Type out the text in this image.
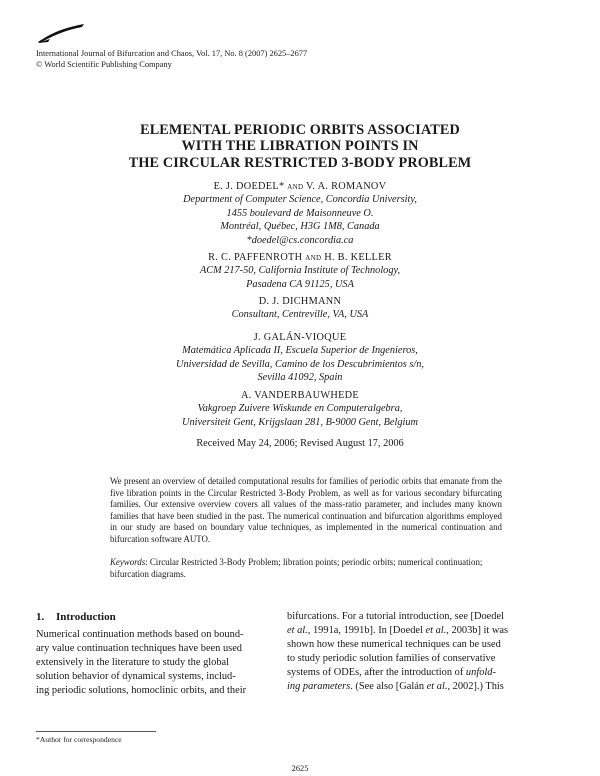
International Journal of Bifurcation and Chaos, Vol. 17, No. 8 (2007) 2625–2677
© World Scientific Publishing Company
ELEMENTAL PERIODIC ORBITS ASSOCIATED
WITH THE LIBRATION POINTS IN
THE CIRCULAR RESTRICTED 3-BODY PROBLEM
E. J. DOEDEL* and V. A. ROMANOV
Department of Computer Science, Concordia University,
1455 boulevard de Maisonneuve O.
Montréal, Québec, H3G 1M8, Canada
*doedel@cs.concordia.ca
R. C. PAFFENROTH and H. B. KELLER
ACM 217-50, California Institute of Technology,
Pasadena CA 91125, USA
D. J. DICHMANN
Consultant, Centreville, VA, USA
J. GALÁN-VIOQUE
Matemática Aplicada II, Escuela Superior de Ingenieros,
Universidad de Sevilla, Camino de los Descubrimientos s/n,
Sevilla 41092, Spain
A. VANDERBAUWHEDE
Vakgroep Zuivere Wiskunde en Computeralgebra,
Universiteit Gent, Krijgslaan 281, B-9000 Gent, Belgium
Received May 24, 2006; Revised August 17, 2006
We present an overview of detailed computational results for families of periodic orbits that emanate from the five libration points in the Circular Restricted 3-Body Problem, as well as for various secondary bifurcating families. Our extensive overview covers all values of the mass-ratio parameter, and includes many known families that have been studied in the past. The numerical continuation and bifurcation algorithms employed in our study are based on boundary value techniques, as implemented in the numerical continuation and bifurcation software AUTO.
Keywords: Circular Restricted 3-Body Problem; libration points; periodic orbits; numerical continuation; bifurcation diagrams.
1. Introduction
Numerical continuation methods based on bound-
ary value continuation techniques have been used
extensively in the literature to study the global
solution behavior of dynamical systems, includ-
ing periodic solutions, homoclinic orbits, and their
bifurcations. For a tutorial introduction, see [Doedel
et al., 1991a, 1991b]. In [Doedel et al., 2003b] it was
shown how these numerical techniques can be used
to study periodic solution families of conservative
systems of ODEs, after the introduction of unfold-
ing parameters. (See also [Galán et al., 2002].) This
*Author for correspondence
2625
